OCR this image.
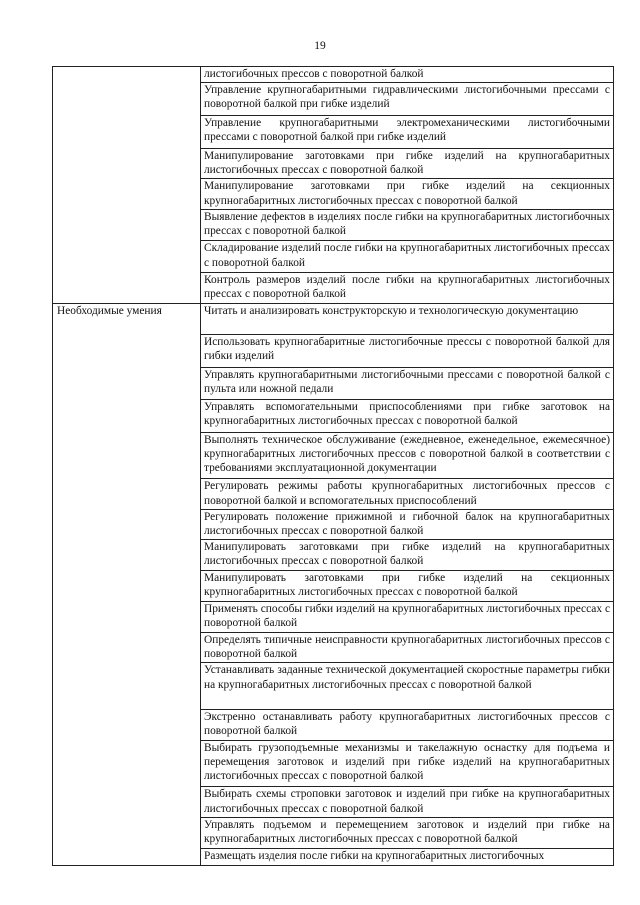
19
	листогибочных прессов с поворотной балкой
	Управление крупногабаритными гидравлическими листогибочными прессами с поворотной балкой при гибке изделий
	Управление крупногабаритными электромеханическими листогибочными прессами с поворотной балкой при гибке изделий
	Манипулирование заготовками при гибке изделий на крупногабаритных листогибочных прессах с поворотной балкой
	Манипулирование заготовками при гибке изделий на секционных крупногабаритных листогибочных прессах с поворотной балкой
	Выявление дефектов в изделиях после гибки на крупногабаритных листогибочных прессах с поворотной балкой
	Складирование изделий после гибки на крупногабаритных листогибочных прессах с поворотной балкой
	Контроль размеров изделий после гибки на крупногабаритных листогибочных прессах с поворотной балкой
Необходимые умения	Читать и анализировать конструкторскую и технологическую документацию
	Использовать крупногабаритные листогибочные прессы с поворотной балкой для гибки изделий
	Управлять крупногабаритными листогибочными прессами с поворотной балкой с пульта или ножной педали
	Управлять вспомогательными приспособлениями при гибке заготовок на крупногабаритных листогибочных прессах с поворотной балкой
	Выполнять техническое обслуживание (ежедневное, еженедельное, ежемесячное) крупногабаритных листогибочных прессов с поворотной балкой в соответствии с требованиями эксплуатационной документации
	Регулировать режимы работы крупногабаритных листогибочных прессов с поворотной балкой и вспомогательных приспособлений
	Регулировать положение прижимной и гибочной балок на крупногабаритных листогибочных прессах с поворотной балкой
	Манипулировать заготовками при гибке изделий на крупногабаритных листогибочных прессах с поворотной балкой
	Манипулировать заготовками при гибке изделий на секционных крупногабаритных листогибочных прессах с поворотной балкой
	Применять способы гибки изделий на крупногабаритных листогибочных прессах с поворотной балкой
	Определять типичные неисправности крупногабаритных листогибочных прессов с поворотной балкой
	Устанавливать заданные технической документацией скоростные параметры гибки на крупногабаритных листогибочных прессах с поворотной балкой
	Экстренно останавливать работу крупногабаритных листогибочных прессов с поворотной балкой
	Выбирать грузоподъемные механизмы и такелажную оснастку для подъема и перемещения заготовок и изделий при гибке изделий на крупногабаритных листогибочных прессах с поворотной балкой
	Выбирать схемы строповки заготовок и изделий при гибке на крупногабаритных листогибочных прессах с поворотной балкой
	Управлять подъемом и перемещением заготовок и изделий при гибке на крупногабаритных листогибочных прессах с поворотной балкой
	Размещать изделия после гибки на крупногабаритных листогибочных
